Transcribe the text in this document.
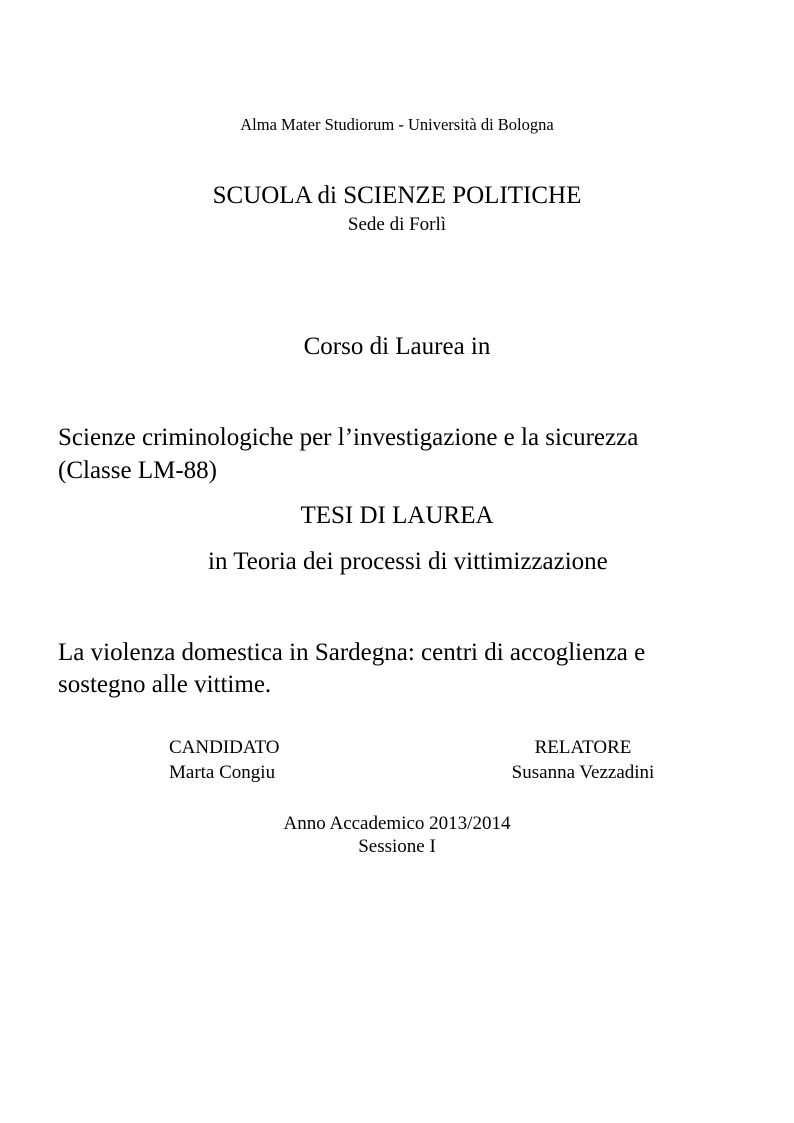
Alma Mater Studiorum - Università di Bologna
SCUOLA di SCIENZE POLITICHE
Sede di Forlì
Corso di Laurea in
Scienze criminologiche per l’investigazione e la sicurezza
(Classe LM-88)
TESI DI LAUREA
in Teoria dei processi di vittimizzazione
La violenza domestica in Sardegna: centri di accoglienza e
sostegno alle vittime.
CANDIDATO
Marta Congiu
RELATORE
Susanna Vezzadini
Anno Accademico 2013/2014
Sessione I
